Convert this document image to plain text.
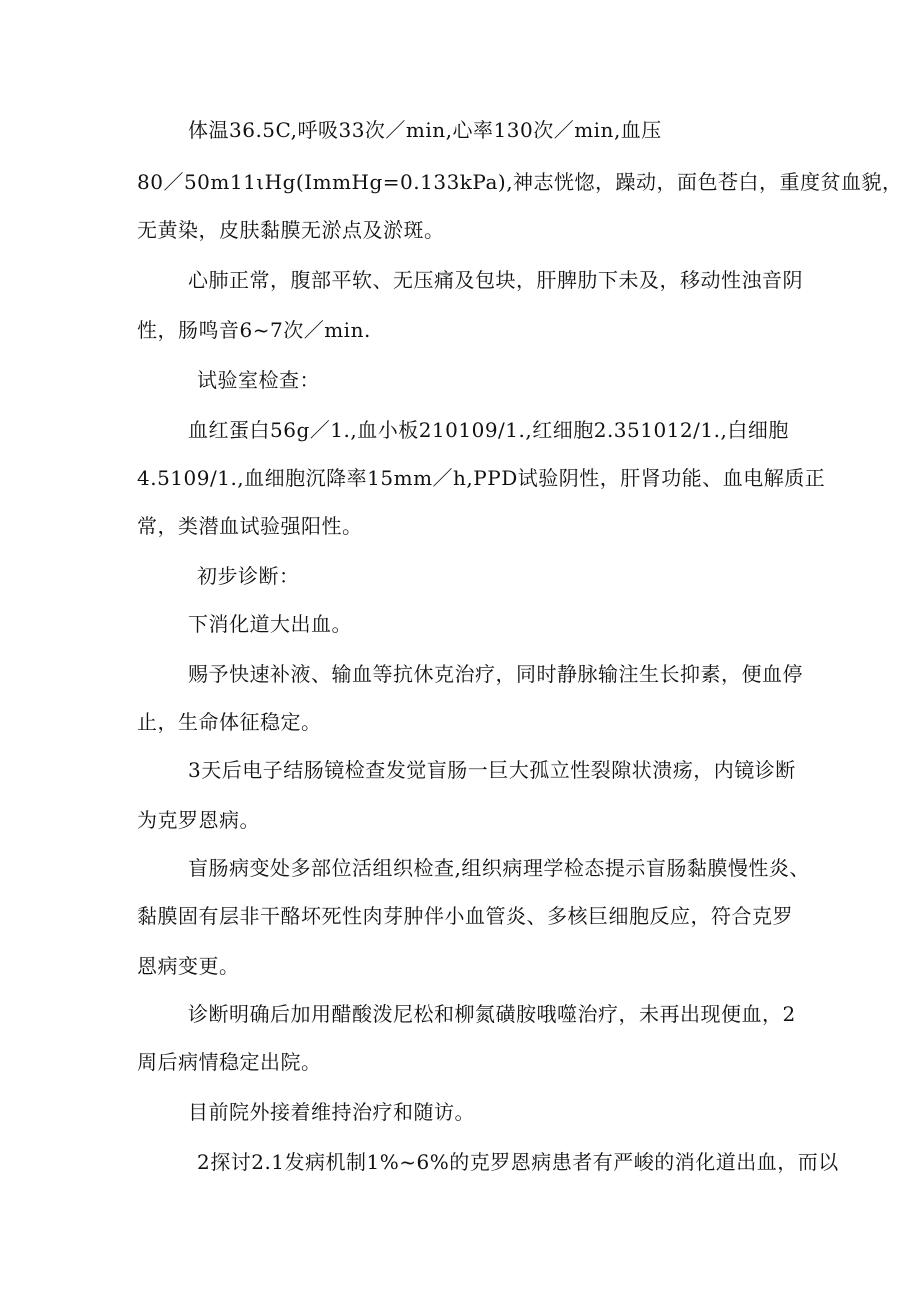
体温36.5C,呼吸33次／min,心率130次／min,血压
80／50m11ιHg(ImmHg=0.133kPa),神志恍惚，躁动，面色苍白，重度贫血貌，
无黄染，皮肤黏膜无淤点及淤斑。
心肺正常，腹部平软、无压痛及包块，肝脾肋下未及，移动性浊音阴
性，肠鸣音6~7次／min.
试验室检查：
血红蛋白56g／1.,血小板210109/1.,红细胞2.351012/1.,白细胞
4.5109/1.,血细胞沉降率15mm／h,PPD试验阴性，肝肾功能、血电解质正
常，类潜血试验强阳性。
初步诊断：
下消化道大出血。
赐予快速补液、输血等抗休克治疗，同时静脉输注生长抑素，便血停
止，生命体征稳定。
3天后电子结肠镜检查发觉盲肠一巨大孤立性裂隙状溃疡，内镜诊断
为克罗恩病。
盲肠病变处多部位活组织检查,组织病理学检态提示盲肠黏膜慢性炎、
黏膜固有层非干酪坏死性肉芽肿伴小血管炎、多核巨细胞反应，符合克罗
恩病变更。
诊断明确后加用醋酸泼尼松和柳氮磺胺哦噬治疗，未再出现便血，2
周后病情稳定出院。
目前院外接着维持治疗和随访。
2探讨2.1发病机制1%~6%的克罗恩病患者有严峻的消化道出血，而以
